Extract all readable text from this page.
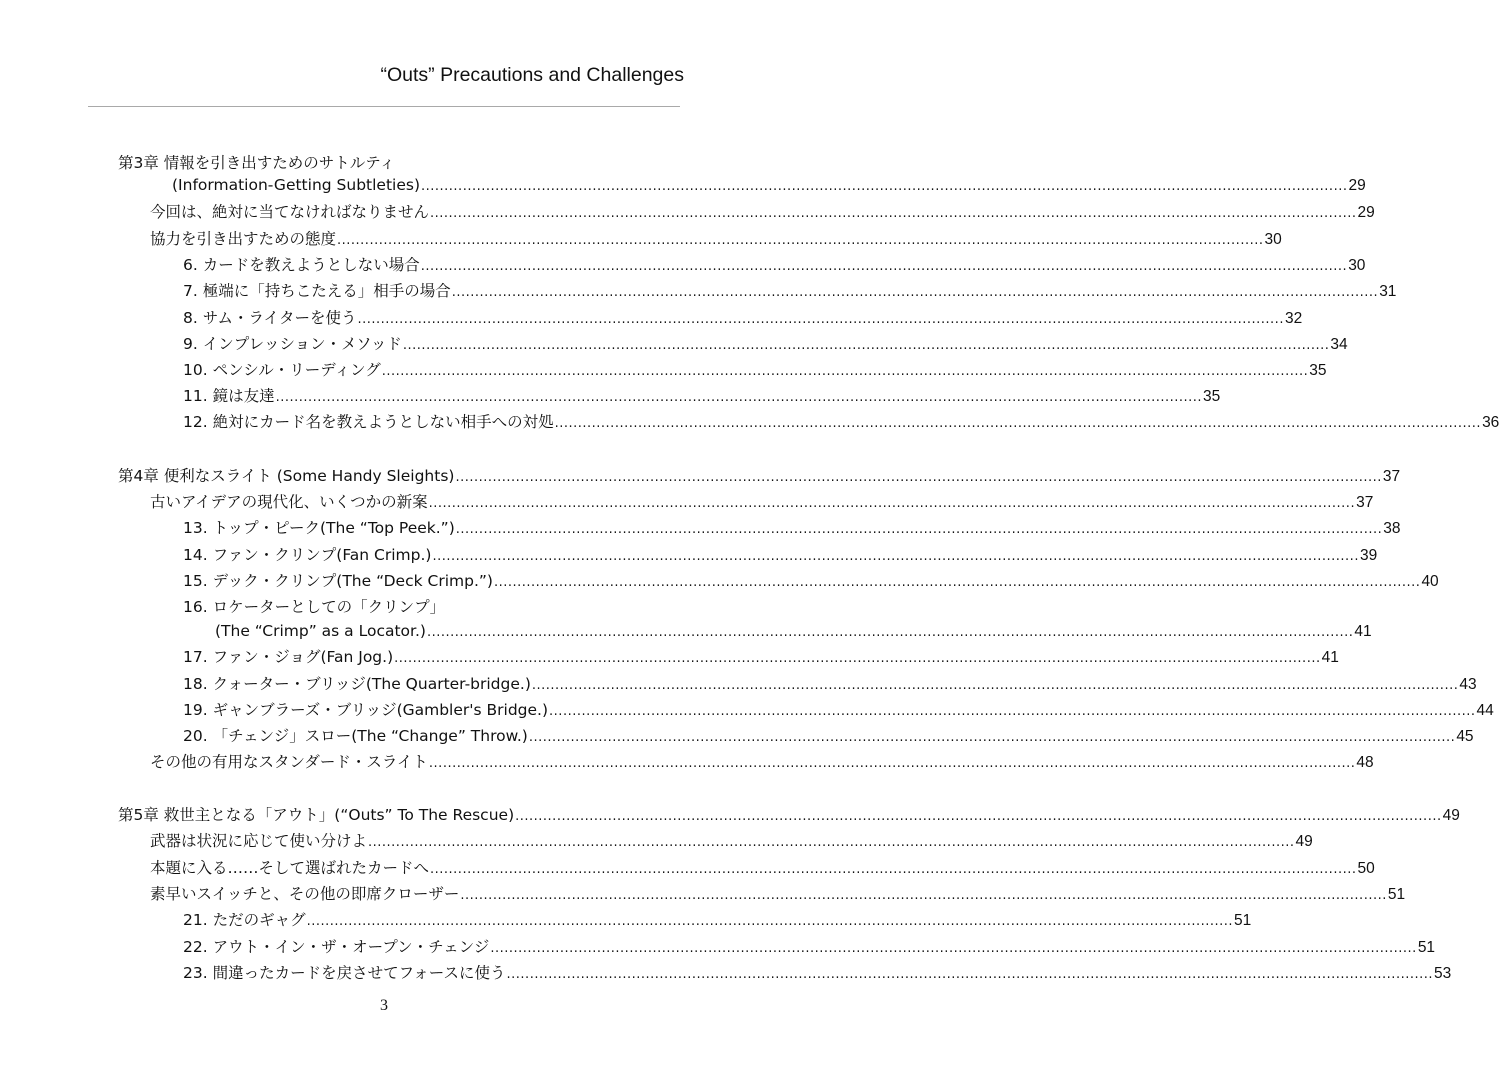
“Outs” Precautions and Challenges
第3章 情報を引き出すためのサトルティ
(Information-Getting Subtleties) ........................................................................................................................................................................................................ 29
今回は、絶対に当てなければなりません ........................................................................................................................................................................................................ 29
協力を引き出すための態度 ........................................................................................................................................................................................................ 30
6. カードを教えようとしない場合 ........................................................................................................................................................................................................ 30
7. 極端に「持ちこたえる」相手の場合 ........................................................................................................................................................................................................ 31
8. サム・ライターを使う ........................................................................................................................................................................................................ 32
9. インプレッション・メソッド ........................................................................................................................................................................................................ 34
10. ペンシル・リーディング ........................................................................................................................................................................................................ 35
11. 鏡は友達 ........................................................................................................................................................................................................ 35
12. 絶対にカード名を教えようとしない相手への対処 ........................................................................................................................................................................................................ 36
第4章 便利なスライト (Some Handy Sleights) ........................................................................................................................................................................................................ 37
古いアイデアの現代化、いくつかの新案 ........................................................................................................................................................................................................ 37
13. トップ・ピーク(The “Top Peek.”) ........................................................................................................................................................................................................ 38
14. ファン・クリンプ(Fan Crimp.) ........................................................................................................................................................................................................ 39
15. デック・クリンプ(The “Deck Crimp.”) ........................................................................................................................................................................................................ 40
16. ロケーターとしての「クリンプ」
(The “Crimp” as a Locator.) ........................................................................................................................................................................................................ 41
17. ファン・ジョグ(Fan Jog.) ........................................................................................................................................................................................................ 41
18. クォーター・ブリッジ(The Quarter-bridge.) ........................................................................................................................................................................................................ 43
19. ギャンブラーズ・ブリッジ(Gambler's Bridge.) ........................................................................................................................................................................................................ 44
20. 「チェンジ」スロー(The “Change” Throw.) ........................................................................................................................................................................................................ 45
その他の有用なスタンダード・スライト ........................................................................................................................................................................................................ 48
第5章 救世主となる「アウト」(“Outs” To The Rescue) ........................................................................................................................................................................................................ 49
武器は状況に応じて使い分けよ ........................................................................................................................................................................................................ 49
本題に入る……そして選ばれたカードへ ........................................................................................................................................................................................................ 50
素早いスイッチと、その他の即席クローザー ........................................................................................................................................................................................................ 51
21. ただのギャグ ........................................................................................................................................................................................................ 51
22. アウト・イン・ザ・オープン・チェンジ ........................................................................................................................................................................................................ 51
23. 間違ったカードを戻させてフォースに使う ........................................................................................................................................................................................................ 53
3
